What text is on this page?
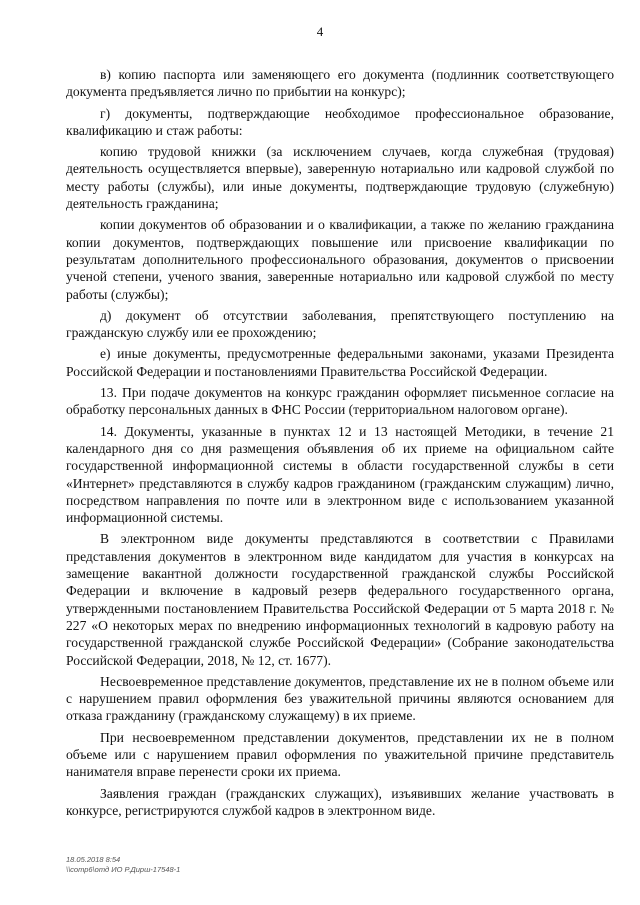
4

в) копию паспорта или заменяющего его документа (подлинник соответствующего документа предъявляется лично по прибытии на конкурс);

г) документы, подтверждающие необходимое профессиональное образование, квалификацию и стаж работы:

копию трудовой книжки (за исключением случаев, когда служебная (трудовая) деятельность осуществляется впервые), заверенную нотариально или кадровой службой по месту работы (службы), или иные документы, подтверждающие трудовую (служебную) деятельность гражданина;

копии документов об образовании и о квалификации, а также по желанию гражданина копии документов, подтверждающих повышение или присвоение квалификации по результатам дополнительного профессионального образования, документов о присвоении ученой степени, ученого звания, заверенные нотариально или кадровой службой по месту работы (службы);

д) документ об отсутствии заболевания, препятствующего поступлению на гражданскую службу или ее прохождению;

е) иные документы, предусмотренные федеральными законами, указами Президента Российской Федерации и постановлениями Правительства Российской Федерации.

13. При подаче документов на конкурс гражданин оформляет письменное согласие на обработку персональных данных в ФНС России (территориальном налоговом органе).

14. Документы, указанные в пунктах 12 и 13 настоящей Методики, в течение 21 календарного дня со дня размещения объявления об их приеме на официальном сайте государственной информационной системы в области государственной службы в сети «Интернет» представляются в службу кадров гражданином (гражданским служащим) лично, посредством направления по почте или в электронном виде с использованием указанной информационной системы.

В электронном виде документы представляются в соответствии с Правилами представления документов в электронном виде кандидатом для участия в конкурсах на замещение вакантной должности государственной гражданской службы Российской Федерации и включение в кадровый резерв федерального государственного органа, утвержденными постановлением Правительства Российской Федерации от 5 марта 2018 г. № 227 «О некоторых мерах по внедрению информационных технологий в кадровую работу на государственной гражданской службе Российской Федерации» (Собрание законодательства Российской Федерации, 2018, № 12, ст. 1677).

Несвоевременное представление документов, представление их не в полном объеме или с нарушением правил оформления без уважительной причины являются основанием для отказа гражданину (гражданскому служащему) в их приеме.

При несвоевременном представлении документов, представлении их не в полном объеме или с нарушением правил оформления по уважительной причине представитель нанимателя вправе перенести сроки их приема.

Заявления граждан (гражданских служащих), изъявивших желание участвовать в конкурсе, регистрируются службой кадров в электронном виде.

18.05.2018 8:54
\\сотр6\отд ИО Р.Дирш-17548-1
